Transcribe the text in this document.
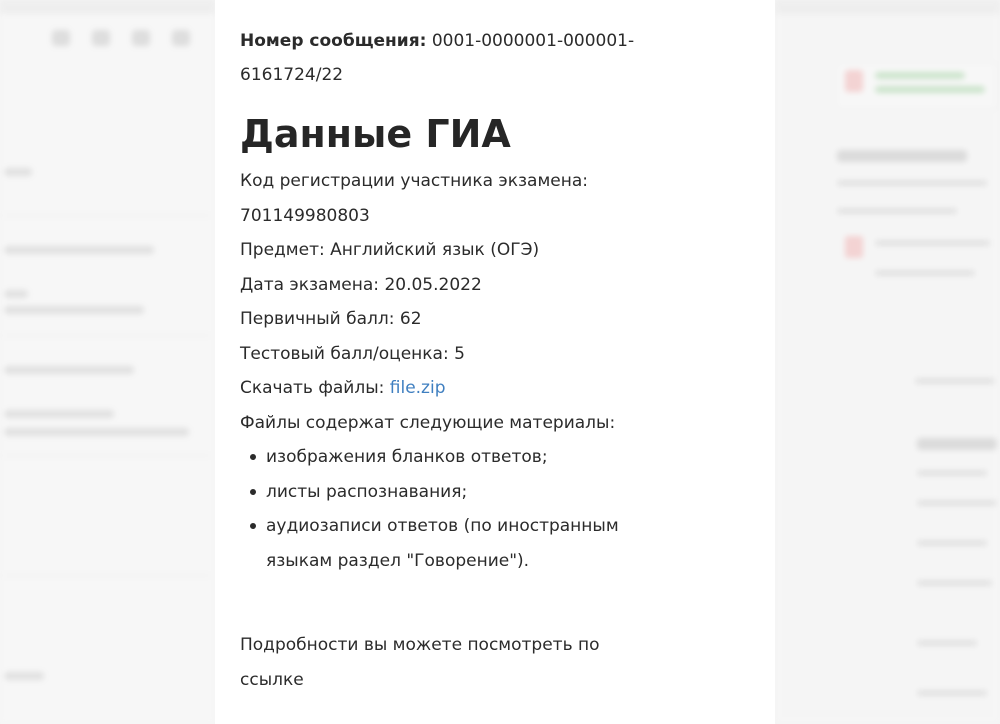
Номер сообщения: 0001-0000001-000001-6161724/22

Данные ГИА

Код регистрации участника экзамена:

701149980803

Предмет: Английский язык (ОГЭ)

Дата экзамена: 20.05.2022

Первичный балл: 62

Тестовый балл/оценка: 5

Скачать файлы: file.zip

Файлы содержат следующие материалы:

изображения бланков ответов;
листы распознавания;
аудиозаписи ответов (по иностранным языкам раздел "Говорение").

Подробности вы можете посмотреть по ссылке
